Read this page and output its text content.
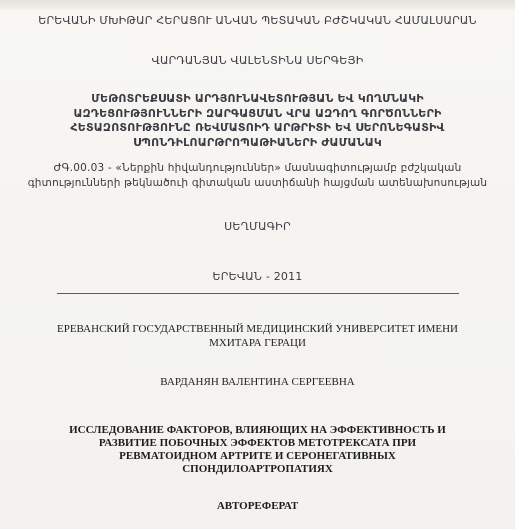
ԵՐԵՎԱՆԻ ՄԽԻԹԱՐ ՀԵՐԱՑՈՒ ԱՆՎԱՆ ՊԵՏԱԿԱՆ ԲԺՇԿԱԿԱՆ ՀԱՄԱԼՍԱՐԱՆ
ՎԱՐԴԱՆՅԱՆ ՎԱԼԵՆՏԻՆԱ ՍԵՐԳԵՅԻ
ՄԵԹՈՏՐԵՔՍԱՏԻ ԱՐԴՅՈՒՆԱՎԵՏՈՒԹՅԱՆ ԵՎ ԿՈՂՄՆԱԿԻ
ԱԶԴԵՑՈՒԹՅՈՒՆՆԵՐԻ ԶԱՐԳԱՑՄԱՆ ՎՐԱ ԱԶԴՈՂ ԳՈՐԾՈՆՆԵՐԻ
ՀԵՏԱԶՈՏՈՒԹՅՈՒՆԸ ՌԵՎՄԱՏՈԻԴ ԱՐԹՐԻՏԻ ԵՎ ՍԵՐՈՆԵԳԱՏԻՎ
ՍՊՈՆԴԻԼՈԱՐԹՐՈՊԱԹԻԱՆԵՐԻ ԺԱՄԱՆԱԿ
ԺԳ.00.03 - «Ներքին հիվանդություններ» մասնագիտությամբ բժշկական
գիտությունների թեկնածուի գիտական աստիճանի հայցման ատենախոսության
ՍԵՂՄԱԳԻՐ
ԵՐԵՎԱՆ - 2011
ЕРЕВАНСКИЙ ГОСУДАРСТВЕННЫЙ МЕДИЦИНСКИЙ УНИВЕРСИТЕТ ИМЕНИ
МХИТАРА ГЕРАЦИ
ВАРДАНЯН ВАЛЕНТИНА СЕРГЕЕВНА
ИССЛЕДОВАНИЕ ФАКТОРОВ, ВЛИЯЮЩИХ НА ЭФФЕКТИВНОСТЬ И
РАЗВИТИЕ ПОБОЧНЫХ ЭФФЕКТОВ МЕТОТРЕКСАТА ПРИ
РЕВМАТОИДНОМ АРТРИТЕ И СЕРОНЕГАТИВНЫХ
СПОНДИЛОАРТРОПАТИЯХ
АВТОРЕФЕРАТ
